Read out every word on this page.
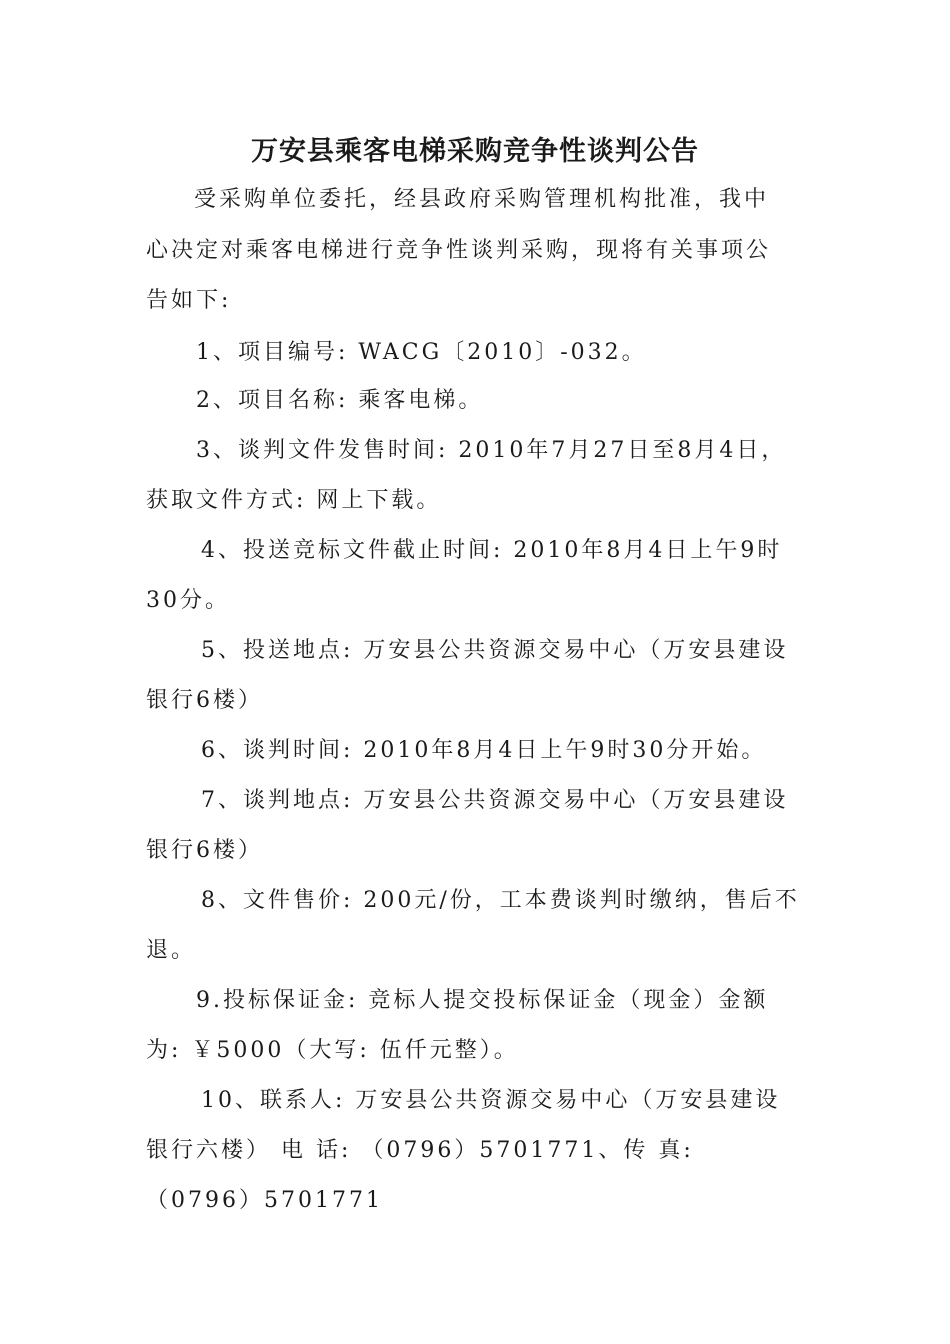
万安县乘客电梯采购竞争性谈判公告
受采购单位委托，经县政府采购管理机构批准，我中
心决定对乘客电梯进行竞争性谈判采购，现将有关事项公
告如下:
1、项目编号: WACG〔2010〕-032。
2、项目名称: 乘客电梯。
3、谈判文件发售时间: 2010年7月27日至8月4日，
获取文件方式: 网上下载。
4、投送竞标文件截止时间: 2010年8月4日上午9时
30分。
5、投送地点: 万安县公共资源交易中心（万安县建设
银行6楼）
6、谈判时间: 2010年8月4日上午9时30分开始。
7、谈判地点: 万安县公共资源交易中心（万安县建设
银行6楼）
8、文件售价: 200元/份，工本费谈判时缴纳，售后不
退。
9.投标保证金: 竞标人提交投标保证金（现金）金额
为: ￥5000（大写: 伍仟元整）。
10、联系人: 万安县公共资源交易中心（万安县建设
银行六楼） 电 话: （0796）5701771、传 真:
（0796）5701771
